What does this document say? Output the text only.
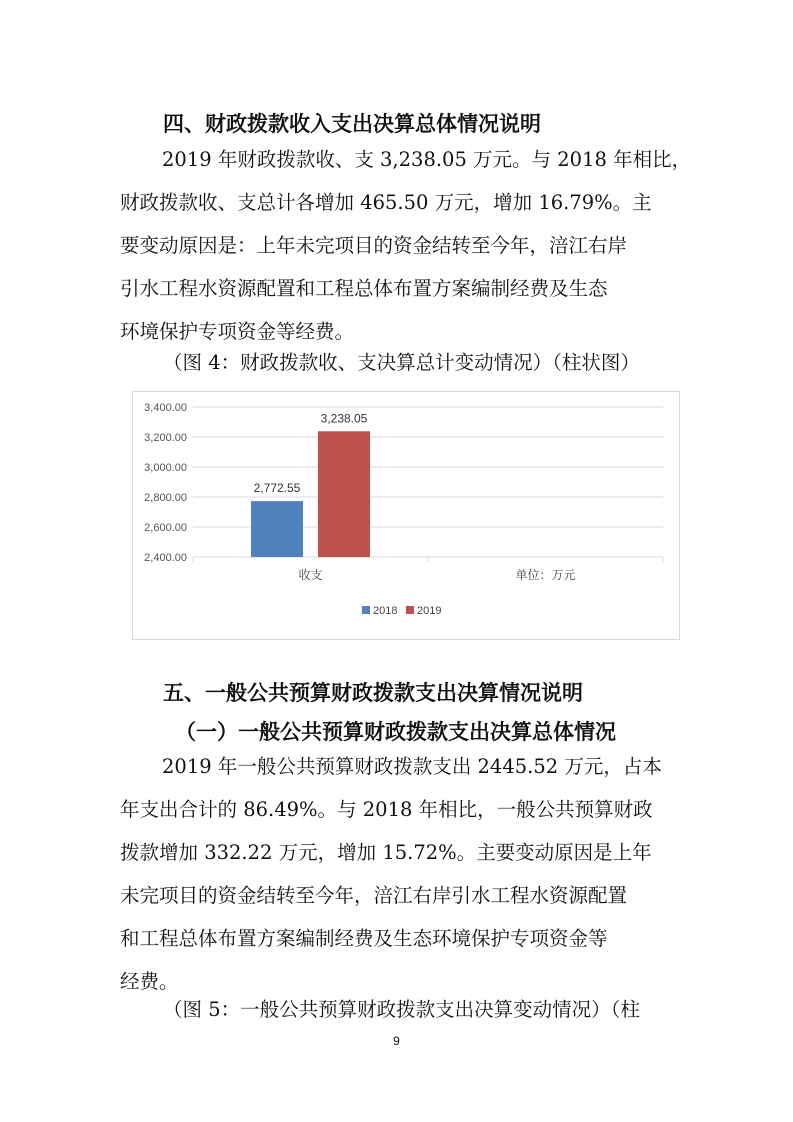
四、财政拨款收入支出决算总体情况说明
2019 年财政拨款收、支 3,238.05 万元。与 2018 年相比，
财政拨款收、支总计各增加 465.50 万元，增加 16.79%。主
要变动原因是：上年未完项目的资金结转至今年，涪江右岸
引水工程水资源配置和工程总体布置方案编制经费及生态
环境保护专项资金等经费。
（图 4：财政拨款收、支决算总计变动情况）（柱状图）
2,400.00
2,600.00
2,800.00
3,000.00
3,200.00
3,400.00
收支	单位：万元
2,772.55
3,238.05
2018 2019
五、一般公共预算财政拨款支出决算情况说明
（一）一般公共预算财政拨款支出决算总体情况
2019 年一般公共预算财政拨款支出 2445.52 万元，占本
年支出合计的 86.49%。与 2018 年相比，一般公共预算财政
拨款增加 332.22 万元，增加 15.72%。主要变动原因是上年
未完项目的资金结转至今年，涪江右岸引水工程水资源配置
和工程总体布置方案编制经费及生态环境保护专项资金等
经费。
（图 5：一般公共预算财政拨款支出决算变动情况）（柱
9
